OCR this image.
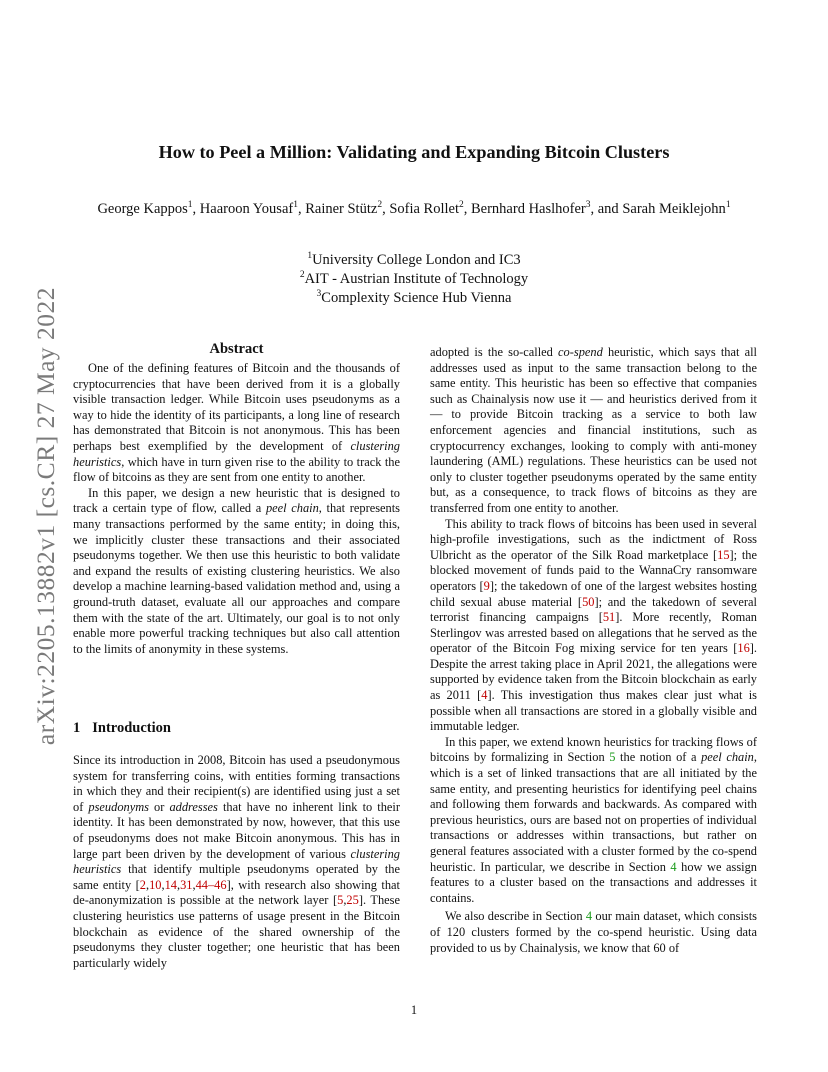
arXiv:2205.13882v1 [cs.CR] 27 May 2022
How to Peel a Million: Validating and Expanding Bitcoin Clusters
George Kappos$^1$, Haaroon Yousaf$^1$, Rainer Stütz$^2$, Sofia Rollet$^2$, Bernhard Haslhofer$^3$, and Sarah Meiklejohn$^1$
$^1$University College London and IC3
$^2$AIT - Austrian Institute of Technology
$^3$Complexity Science Hub Vienna
Abstract

One of the defining features of Bitcoin and the thousands of cryptocurrencies that have been derived from it is a globally visible transaction ledger. While Bitcoin uses pseudonyms as a way to hide the identity of its participants, a long line of research has demonstrated that Bitcoin is not anonymous. This has been perhaps best exemplified by the development of clustering heuristics, which have in turn given rise to the ability to track the flow of bitcoins as they are sent from one entity to another.

In this paper, we design a new heuristic that is designed to track a certain type of flow, called a peel chain, that represents many transactions performed by the same entity; in doing this, we implicitly cluster these transactions and their associated pseudonyms together. We then use this heuristic to both validate and expand the results of existing clustering heuristics. We also develop a machine learning-based validation method and, using a ground-truth dataset, evaluate all our approaches and compare them with the state of the art. Ultimately, our goal is to not only enable more powerful tracking techniques but also call attention to the limits of anonymity in these systems.

1 Introduction

Since its introduction in 2008, Bitcoin has used a pseudonymous system for transferring coins, with entities forming transactions in which they and their recipient(s) are identified using just a set of pseudonyms or addresses that have no inherent link to their identity. It has been demonstrated by now, however, that this use of pseudonyms does not make Bitcoin anonymous. This has in large part been driven by the development of various clustering heuristics that identify multiple pseudonyms operated by the same entity [2,10,14,31,44–46], with research also showing that de-anonymization is possible at the network layer [5,25]. These clustering heuristics use patterns of usage present in the Bitcoin blockchain as evidence of the shared ownership of the pseudonyms they cluster together; one heuristic that has been particularly widely

adopted is the so-called co-spend heuristic, which says that all addresses used as input to the same transaction belong to the same entity. This heuristic has been so effective that companies such as Chainalysis now use it — and heuristics derived from it — to provide Bitcoin tracking as a service to both law enforcement agencies and financial institutions, such as cryptocurrency exchanges, looking to comply with anti-money laundering (AML) regulations. These heuristics can be used not only to cluster together pseudonyms operated by the same entity but, as a consequence, to track flows of bitcoins as they are transferred from one entity to another.

This ability to track flows of bitcoins has been used in several high-profile investigations, such as the indictment of Ross Ulbricht as the operator of the Silk Road marketplace [15]; the blocked movement of funds paid to the WannaCry ransomware operators [9]; the takedown of one of the largest websites hosting child sexual abuse material [50]; and the takedown of several terrorist financing campaigns [51]. More recently, Roman Sterlingov was arrested based on allegations that he served as the operator of the Bitcoin Fog mixing service for ten years [16]. Despite the arrest taking place in April 2021, the allegations were supported by evidence taken from the Bitcoin blockchain as early as 2011 [4]. This investigation thus makes clear just what is possible when all transactions are stored in a globally visible and immutable ledger.

In this paper, we extend known heuristics for tracking flows of bitcoins by formalizing in Section 5 the notion of a peel chain, which is a set of linked transactions that are all initiated by the same entity, and presenting heuristics for identifying peel chains and following them forwards and backwards. As compared with previous heuristics, ours are based not on properties of individual transactions or addresses within transactions, but rather on general features associated with a cluster formed by the co-spend heuristic. In particular, we describe in Section 4 how we assign features to a cluster based on the transactions and addresses it contains.

We also describe in Section 4 our main dataset, which consists of 120 clusters formed by the co-spend heuristic. Using data provided to us by Chainalysis, we know that 60 of

1
